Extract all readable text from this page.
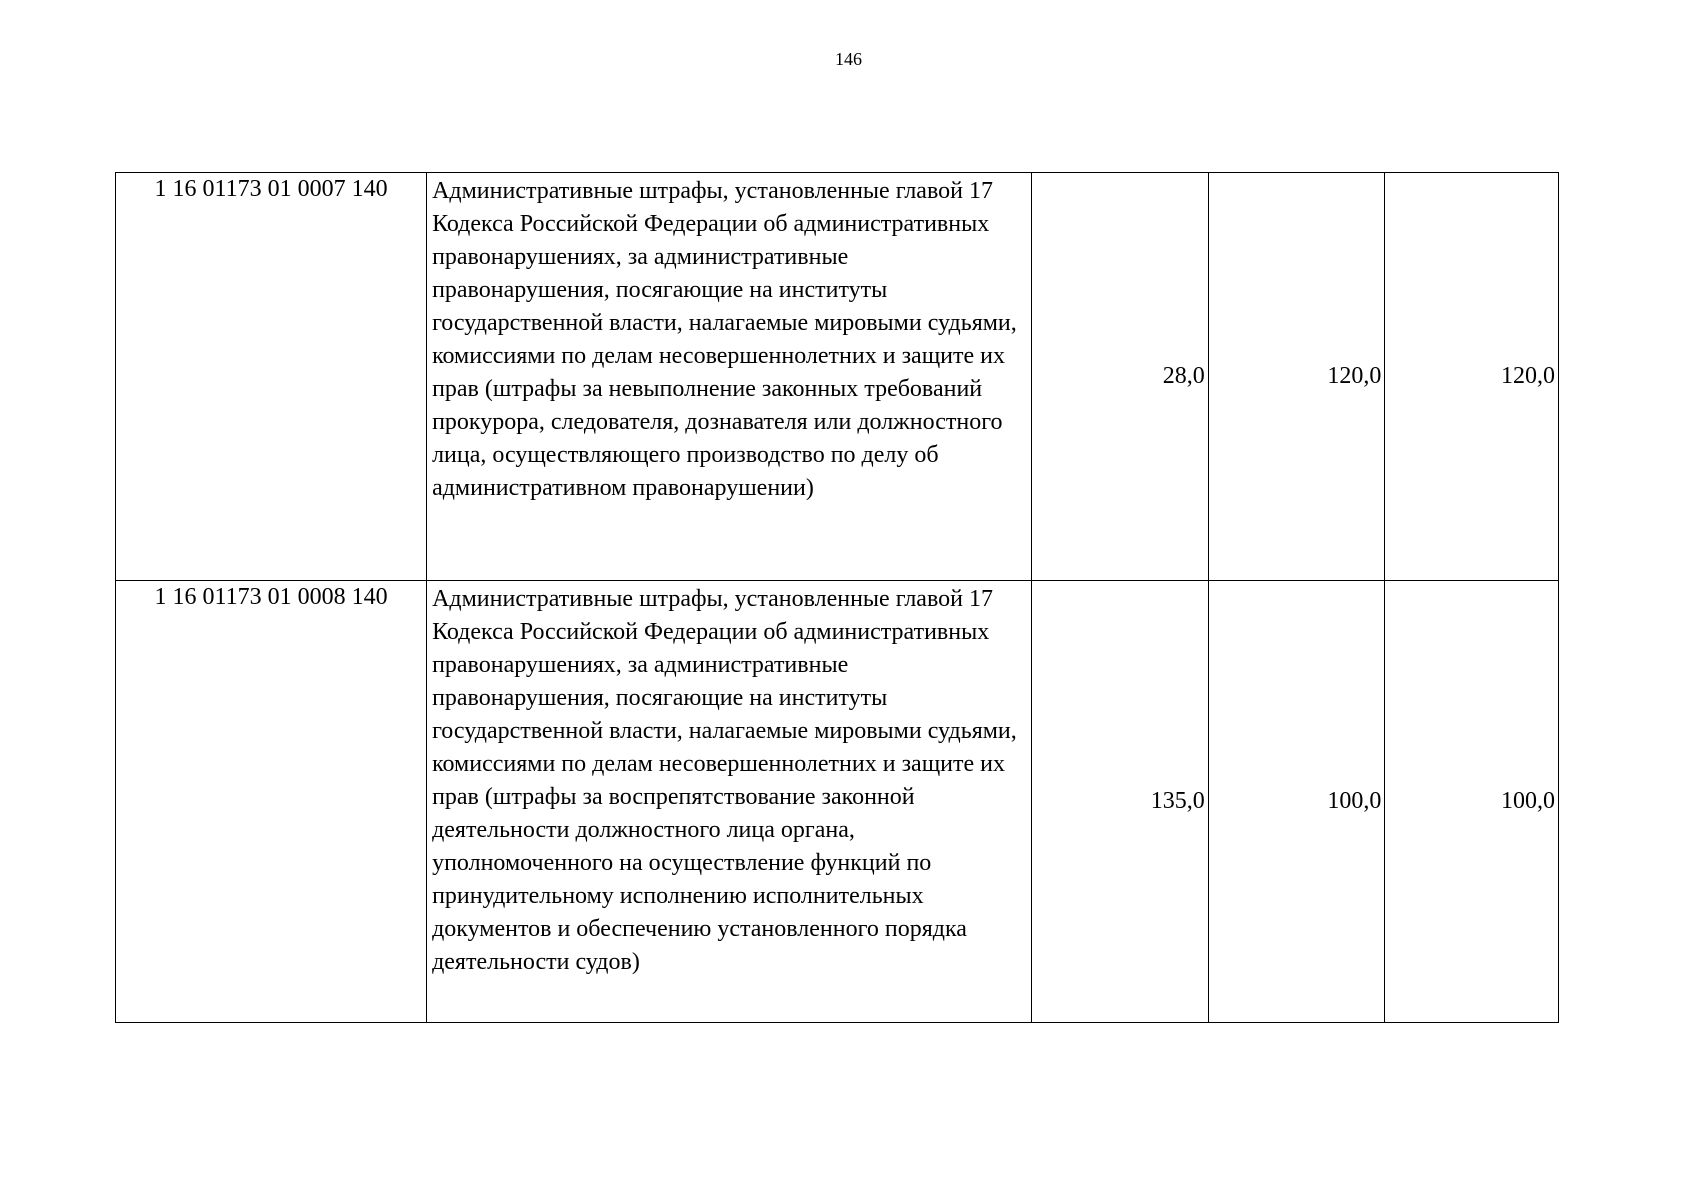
146
1 16 01173 01 0007 140	Административные штрафы, установленные главой 17 Кодекса Российской Федерации об административных правонарушениях, за административные правонарушения, посягающие на институты государственной власти, налагаемые мировыми судьями, комиссиями по делам несовершеннолетних и защите их прав (штрафы за невыполнение законных требований прокурора, следователя, дознавателя или должностного лица, осуществляющего производство по делу об административном правонарушении)	28,0	120,0	120,0
1 16 01173 01 0008 140	Административные штрафы, установленные главой 17 Кодекса Российской Федерации об административных правонарушениях, за административные правонарушения, посягающие на институты государственной власти, налагаемые мировыми судьями, комиссиями по делам несовершеннолетних и защите их прав (штрафы за воспрепятствование законной деятельности должностного лица органа, уполномоченного на осуществление функций по принудительному исполнению исполнительных документов и обеспечению установленного порядка деятельности судов)	135,0	100,0	100,0
